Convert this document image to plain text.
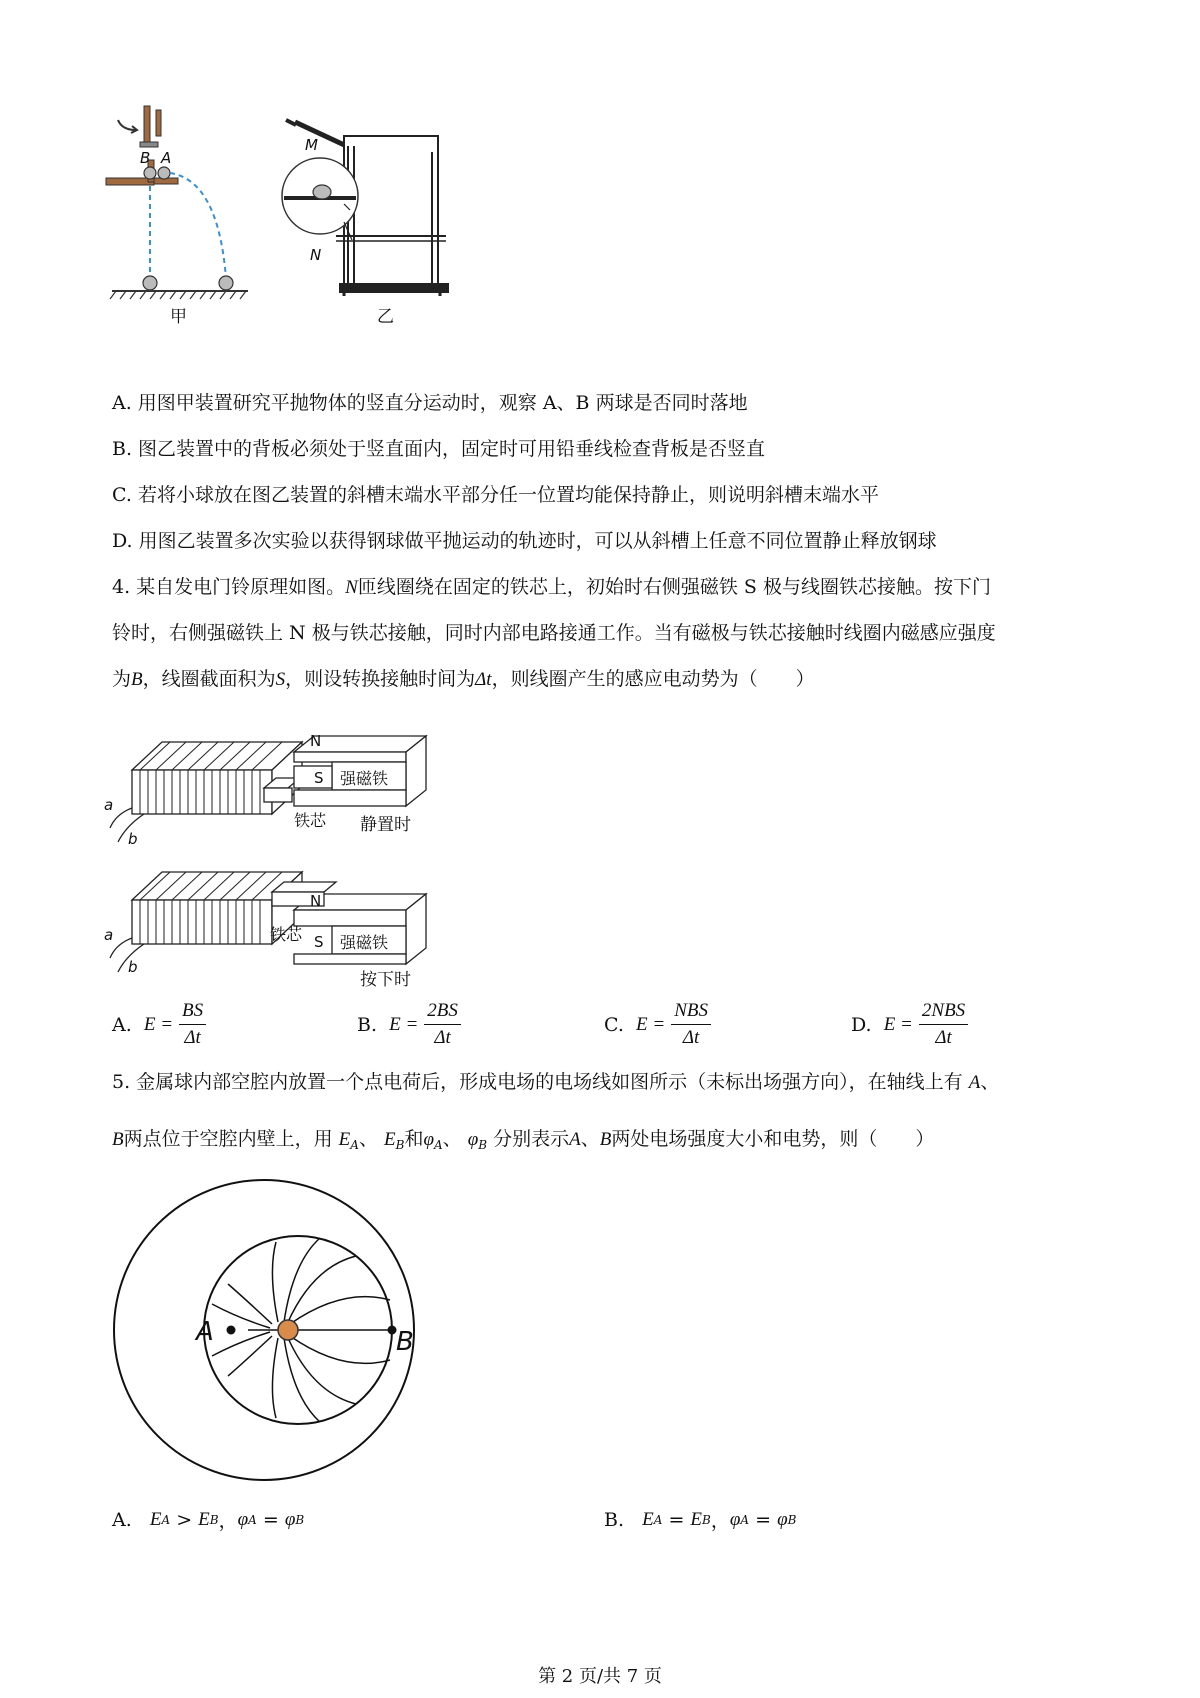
B A
甲
M
N
乙
A. 用图甲装置研究平抛物体的竖直分运动时，观察 A、B 两球是否同时落地
B. 图乙装置中的背板必须处于竖直面内，固定时可用铅垂线检查背板是否竖直
C. 若将小球放在图乙装置的斜槽末端水平部分任一位置均能保持静止，则说明斜槽末端水平
D. 用图乙装置多次实验以获得钢球做平抛运动的轨迹时，可以从斜槽上任意不同位置静止释放钢球
4. 某自发电门铃原理如图。N匝线圈绕在固定的铁芯上，初始时右侧强磁铁 S 极与线圈铁芯接触。按下门
铃时，右侧强磁铁上 N 极与铁芯接触，同时内部电路接通工作。当有磁极与铁芯接触时线圈内磁感应强度
为B，线圈截面积为S，则设转换接触时间为Δt，则线圈产生的感应电动势为（　　）
N
S 强磁铁
铁芯 静置时
a
b
N
S 强磁铁
铁芯
按下时
a
b
A.
$E = \frac{BS}{\Delta t}$	B.
$E = \frac{2BS}{\Delta t}$	C.
$E = \frac{\text{NBS}}{\Delta t}$	D.
$E = \frac{\text{2NBS}}{\Delta t}$
5. 金属球内部空腔内放置一个点电荷后，形成电场的电场线如图所示（未标出场强方向），在轴线上有 A、
B两点位于空腔内壁上，用 $E_A$、 $E_B$和$\varphi_A$、 $\varphi_B$ 分别表示A、B两处电场强度大小和电势，则（　　）
A	B
A.
E A > E B ， φ A = φ B	B.
E A = E B ， φ A = φ B
第 2 页/共 7 页
